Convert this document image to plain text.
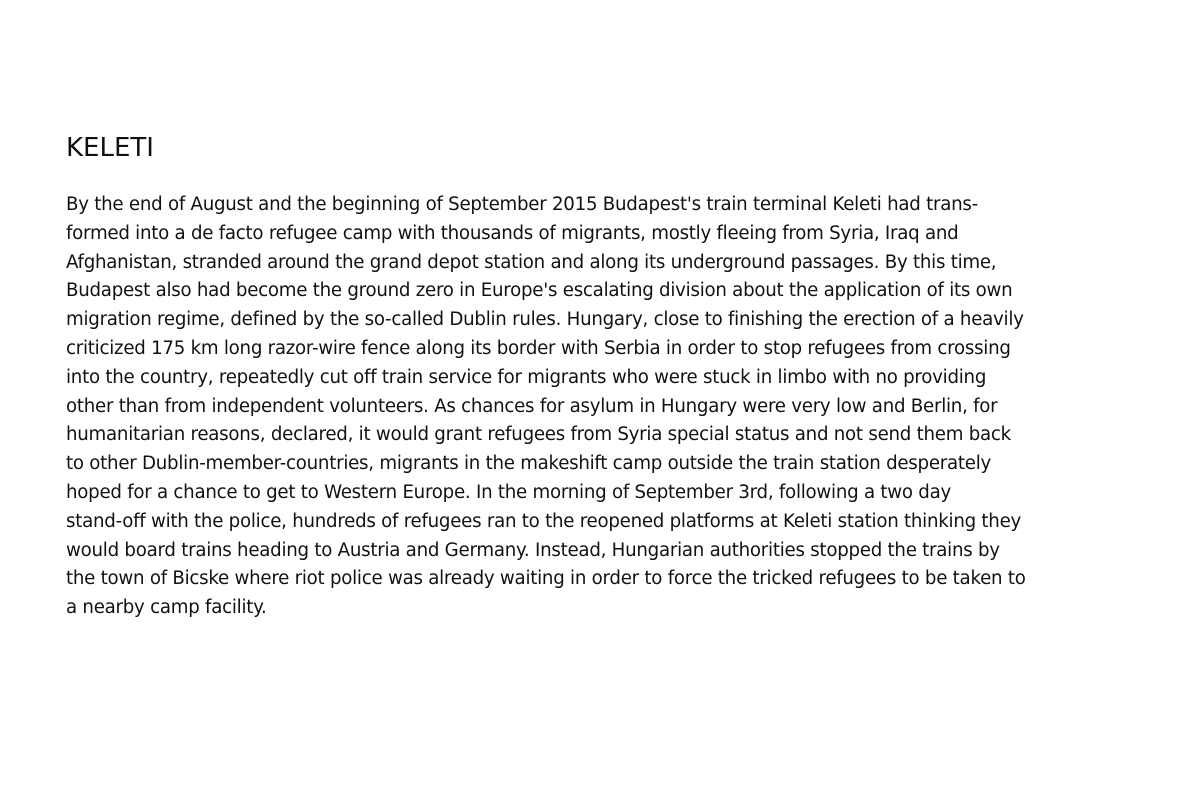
KELETI

By the end of August and the beginning of September 2015 Budapest's train terminal Keleti had trans-
formed into a de facto refugee camp with thousands of migrants, mostly fleeing from Syria, Iraq and
Afghanistan, stranded around the grand depot station and along its underground passages. By this time,
Budapest also had become the ground zero in Europe's escalating division about the application of its own
migration regime, defined by the so-called Dublin rules. Hungary, close to finishing the erection of a heavily
criticized 175 km long razor-wire fence along its border with Serbia in order to stop refugees from crossing
into the country, repeatedly cut off train service for migrants who were stuck in limbo with no providing
other than from independent volunteers. As chances for asylum in Hungary were very low and Berlin, for
humanitarian reasons, declared, it would grant refugees from Syria special status and not send them back
to other Dublin-member-countries, migrants in the makeshift camp outside the train station desperately
hoped for a chance to get to Western Europe. In the morning of September 3rd, following a two day
stand-off with the police, hundreds of refugees ran to the reopened platforms at Keleti station thinking they
would board trains heading to Austria and Germany. Instead, Hungarian authorities stopped the trains by
the town of Bicske where riot police was already waiting in order to force the tricked refugees to be taken to
a nearby camp facility.
